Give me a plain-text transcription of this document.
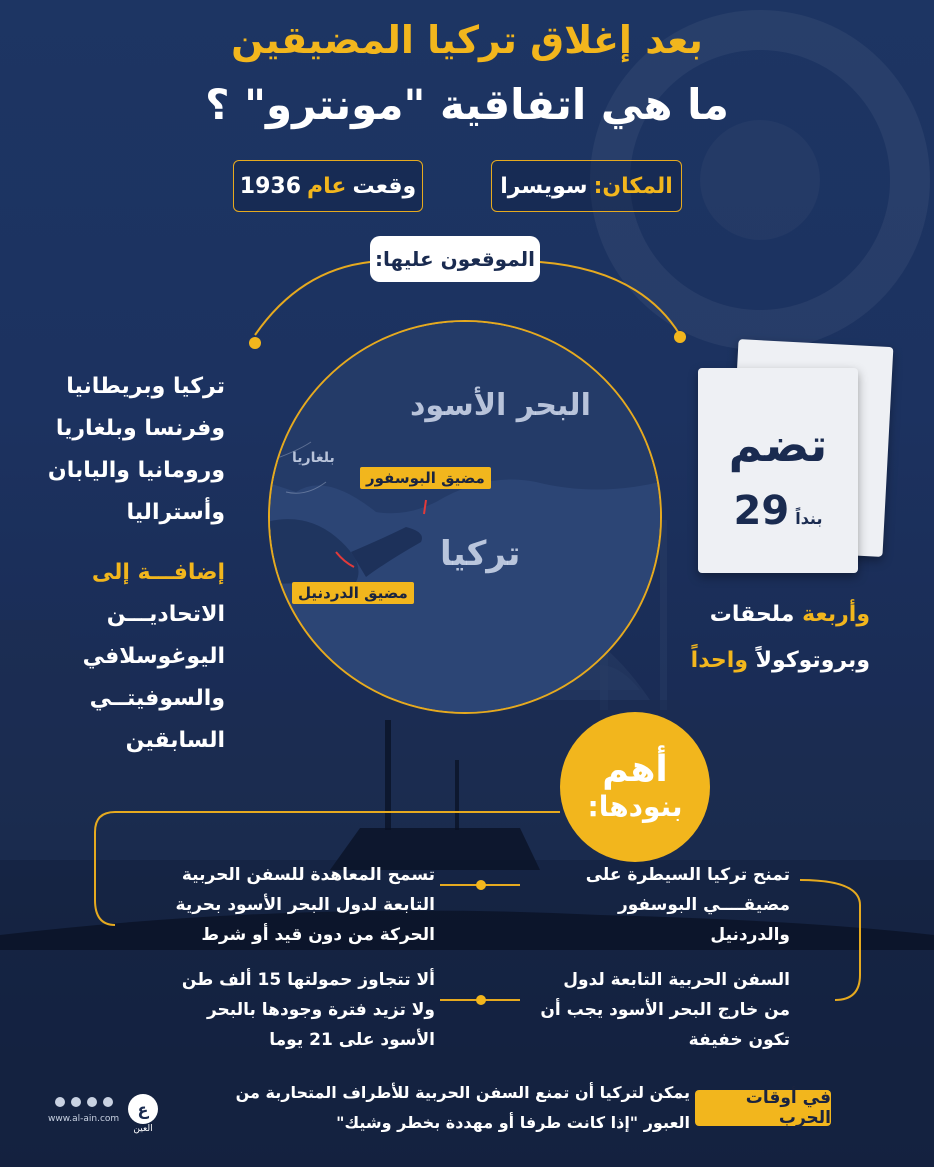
بعد إغلاق تركيا المضيقين
ما هي اتفاقية "مونترو" ؟
المكان:
سويسرا
وقعت
عام
1936
الموقعون عليها:
البحر الأسود
تركيا
بلغاريا
مضيق البوسفور
مضيق الدردنيل
تركيا وبريطانيا
وفرنسا وبلغاريا
ورومانيا واليابان
وأستراليا
إضافـــة إلى
الاتحاديـــن
اليوغوسلافي
والسوفيتــي
السابقين
تضم
بنداً
29
وأربعة ملحقات
وبروتوكولاً واحداً
أهم
بنودها:
تمنح تركيا السيطرة على مضيقــــي البوسفور والدردنيل
تسمح المعاهدة للسفن الحربية التابعة لدول البحر الأسود بحرية الحركة من دون قيد أو شرط
السفن الحربية التابعة لدول من خارج البحر الأسود يجب أن تكون خفيفة
ألا تتجاوز حمولتها 15 ألف طن ولا تزيد فترة وجودها بالبحر الأسود على 21 يوما
في أوقات الحرب
يمكن لتركيا أن تمنع السفن الحربية للأطراف المتحاربة من
العبور "إذا كانت طرفا أو مهددة بخطر وشيك"
www.al-ain.com
ع
العين
